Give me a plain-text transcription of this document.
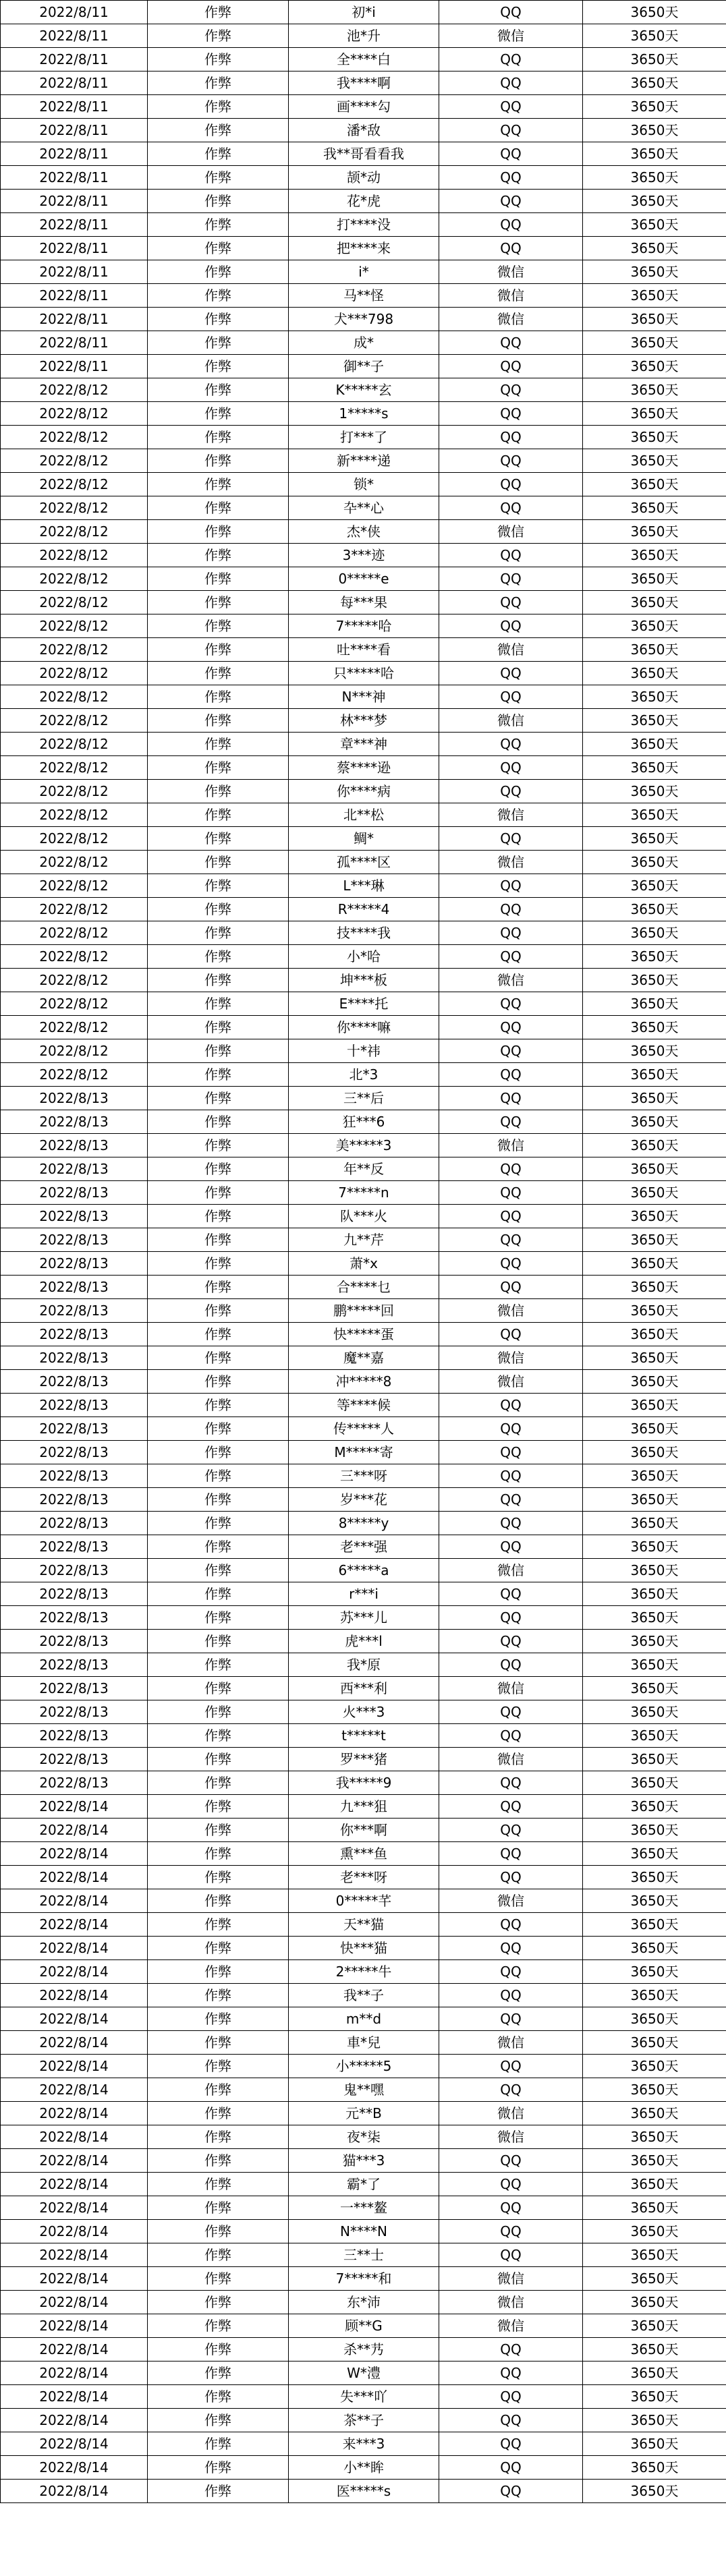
2022/8/11	作弊	初*i	QQ	3650天
2022/8/11	作弊	池*升	微信	3650天
2022/8/11	作弊	全****白	QQ	3650天
2022/8/11	作弊	我****啊	QQ	3650天
2022/8/11	作弊	画****勾	QQ	3650天
2022/8/11	作弊	潘*敌	QQ	3650天
2022/8/11	作弊	我**哥看看我	QQ	3650天
2022/8/11	作弊	颉*动	QQ	3650天
2022/8/11	作弊	花*虎	QQ	3650天
2022/8/11	作弊	打****没	QQ	3650天
2022/8/11	作弊	把****来	QQ	3650天
2022/8/11	作弊	i*	微信	3650天
2022/8/11	作弊	马**怪	微信	3650天
2022/8/11	作弊	犬***798	微信	3650天
2022/8/11	作弊	成*	QQ	3650天
2022/8/11	作弊	御**子	QQ	3650天
2022/8/12	作弊	K*****玄	QQ	3650天
2022/8/12	作弊	1*****s	QQ	3650天
2022/8/12	作弊	打***了	QQ	3650天
2022/8/12	作弊	新****递	QQ	3650天
2022/8/12	作弊	锁*	QQ	3650天
2022/8/12	作弊	卆**心	QQ	3650天
2022/8/12	作弊	杰*侠	微信	3650天
2022/8/12	作弊	3***迹	QQ	3650天
2022/8/12	作弊	0*****e	QQ	3650天
2022/8/12	作弊	每***果	QQ	3650天
2022/8/12	作弊	7*****哈	QQ	3650天
2022/8/12	作弊	吐****看	微信	3650天
2022/8/12	作弊	只*****哈	QQ	3650天
2022/8/12	作弊	N***神	QQ	3650天
2022/8/12	作弊	林***梦	微信	3650天
2022/8/12	作弊	章***神	QQ	3650天
2022/8/12	作弊	蔡****逊	QQ	3650天
2022/8/12	作弊	你****病	QQ	3650天
2022/8/12	作弊	北**松	微信	3650天
2022/8/12	作弊	鲷*	QQ	3650天
2022/8/12	作弊	孤****区	微信	3650天
2022/8/12	作弊	L***琳	QQ	3650天
2022/8/12	作弊	R*****4	QQ	3650天
2022/8/12	作弊	技****我	QQ	3650天
2022/8/12	作弊	小*哈	QQ	3650天
2022/8/12	作弊	坤***板	微信	3650天
2022/8/12	作弊	E****托	QQ	3650天
2022/8/12	作弊	你****嘛	QQ	3650天
2022/8/12	作弊	十*祎	QQ	3650天
2022/8/12	作弊	北*3	QQ	3650天
2022/8/13	作弊	三**后	QQ	3650天
2022/8/13	作弊	狂***6	QQ	3650天
2022/8/13	作弊	美*****3	微信	3650天
2022/8/13	作弊	年**反	QQ	3650天
2022/8/13	作弊	7*****n	QQ	3650天
2022/8/13	作弊	队***火	QQ	3650天
2022/8/13	作弊	九**芹	QQ	3650天
2022/8/13	作弊	萧*x	QQ	3650天
2022/8/13	作弊	合****乜	QQ	3650天
2022/8/13	作弊	鹏*****回	微信	3650天
2022/8/13	作弊	快*****蛋	QQ	3650天
2022/8/13	作弊	魔**嘉	微信	3650天
2022/8/13	作弊	冲*****8	微信	3650天
2022/8/13	作弊	等****候	QQ	3650天
2022/8/13	作弊	传*****人	QQ	3650天
2022/8/13	作弊	M*****寄	QQ	3650天
2022/8/13	作弊	三***呀	QQ	3650天
2022/8/13	作弊	岁***花	QQ	3650天
2022/8/13	作弊	8*****y	QQ	3650天
2022/8/13	作弊	老***强	QQ	3650天
2022/8/13	作弊	6*****a	微信	3650天
2022/8/13	作弊	r***i	QQ	3650天
2022/8/13	作弊	苏***儿	QQ	3650天
2022/8/13	作弊	虎***l	QQ	3650天
2022/8/13	作弊	我*原	QQ	3650天
2022/8/13	作弊	西***利	微信	3650天
2022/8/13	作弊	火***3	QQ	3650天
2022/8/13	作弊	t*****t	QQ	3650天
2022/8/13	作弊	罗***猪	微信	3650天
2022/8/13	作弊	我*****9	QQ	3650天
2022/8/14	作弊	九***狙	QQ	3650天
2022/8/14	作弊	你***啊	QQ	3650天
2022/8/14	作弊	熏***鱼	QQ	3650天
2022/8/14	作弊	老***呀	QQ	3650天
2022/8/14	作弊	0*****芊	微信	3650天
2022/8/14	作弊	天**猫	QQ	3650天
2022/8/14	作弊	快***猫	QQ	3650天
2022/8/14	作弊	2*****牛	QQ	3650天
2022/8/14	作弊	我**子	QQ	3650天
2022/8/14	作弊	m**d	QQ	3650天
2022/8/14	作弊	車*兒	微信	3650天
2022/8/14	作弊	小*****5	QQ	3650天
2022/8/14	作弊	鬼**嘿	QQ	3650天
2022/8/14	作弊	元**B	微信	3650天
2022/8/14	作弊	夜*柒	微信	3650天
2022/8/14	作弊	猫***3	QQ	3650天
2022/8/14	作弊	霸*了	QQ	3650天
2022/8/14	作弊	一***鳌	QQ	3650天
2022/8/14	作弊	N****N	QQ	3650天
2022/8/14	作弊	三**士	QQ	3650天
2022/8/14	作弊	7*****和	微信	3650天
2022/8/14	作弊	东*沛	微信	3650天
2022/8/14	作弊	顾**G	微信	3650天
2022/8/14	作弊	杀**艿	QQ	3650天
2022/8/14	作弊	W*澧	QQ	3650天
2022/8/14	作弊	失***吖	QQ	3650天
2022/8/14	作弊	茶**子	QQ	3650天
2022/8/14	作弊	来***3	QQ	3650天
2022/8/14	作弊	小**眸	QQ	3650天
2022/8/14	作弊	医*****s	QQ	3650天
